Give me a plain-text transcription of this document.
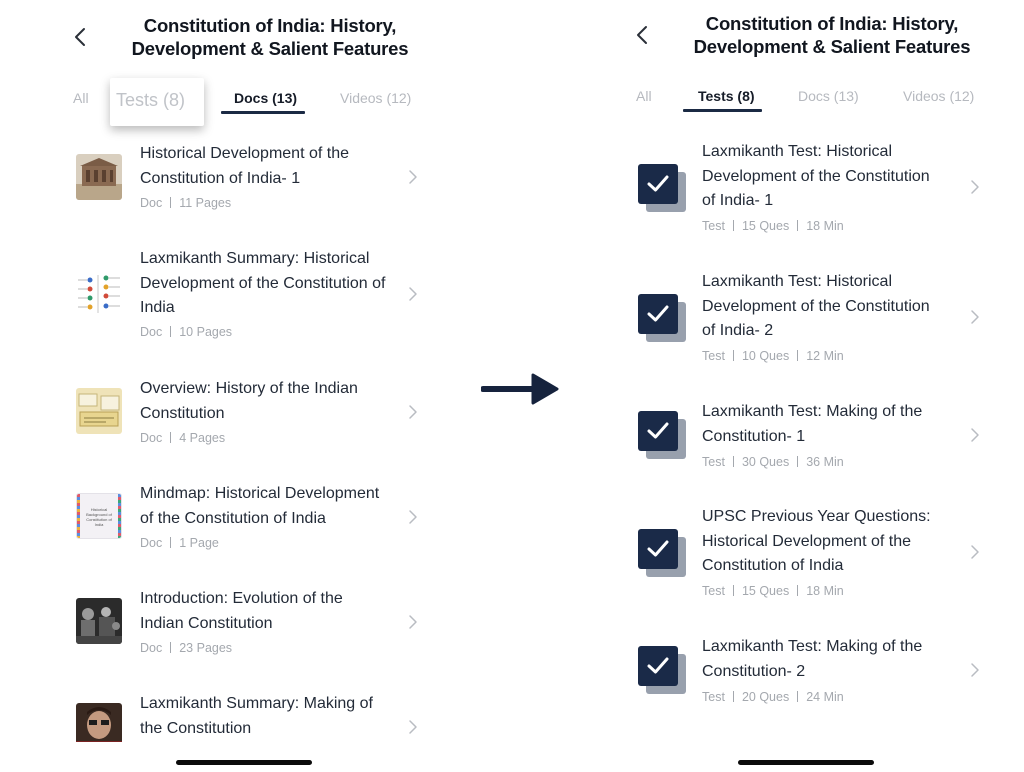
Constitution of India: History,
Development & Salient Features
All Tests (8)	Docs (13)	Videos (12)
Historical Development of the
Constitution of India- 1
Doc 11 Pages
Laxmikanth Summary: Historical
Development of the Constitution of
India
Doc 10 Pages
Overview: History of the Indian
Constitution
Doc 4 Pages
Historical Background of Constitution of India
Mindmap: Historical Development
of the Constitution of India
Doc 1 Page
Introduction: Evolution of the
Indian Constitution
Doc 23 Pages
Laxmikanth Summary: Making of
the Constitution
Constitution of India: History,
Development & Salient Features
All	Tests (8)	Docs (13)	Videos (12)
Laxmikanth Test: Historical
Development of the Constitution
of India- 1
Test 15 Ques 18 Min
Laxmikanth Test: Historical
Development of the Constitution
of India- 2
Test 10 Ques 12 Min
Laxmikanth Test: Making of the
Constitution- 1
Test 30 Ques 36 Min
UPSC Previous Year Questions:
Historical Development of the
Constitution of India
Test 15 Ques 18 Min
Laxmikanth Test: Making of the
Constitution- 2
Test 20 Ques 24 Min
